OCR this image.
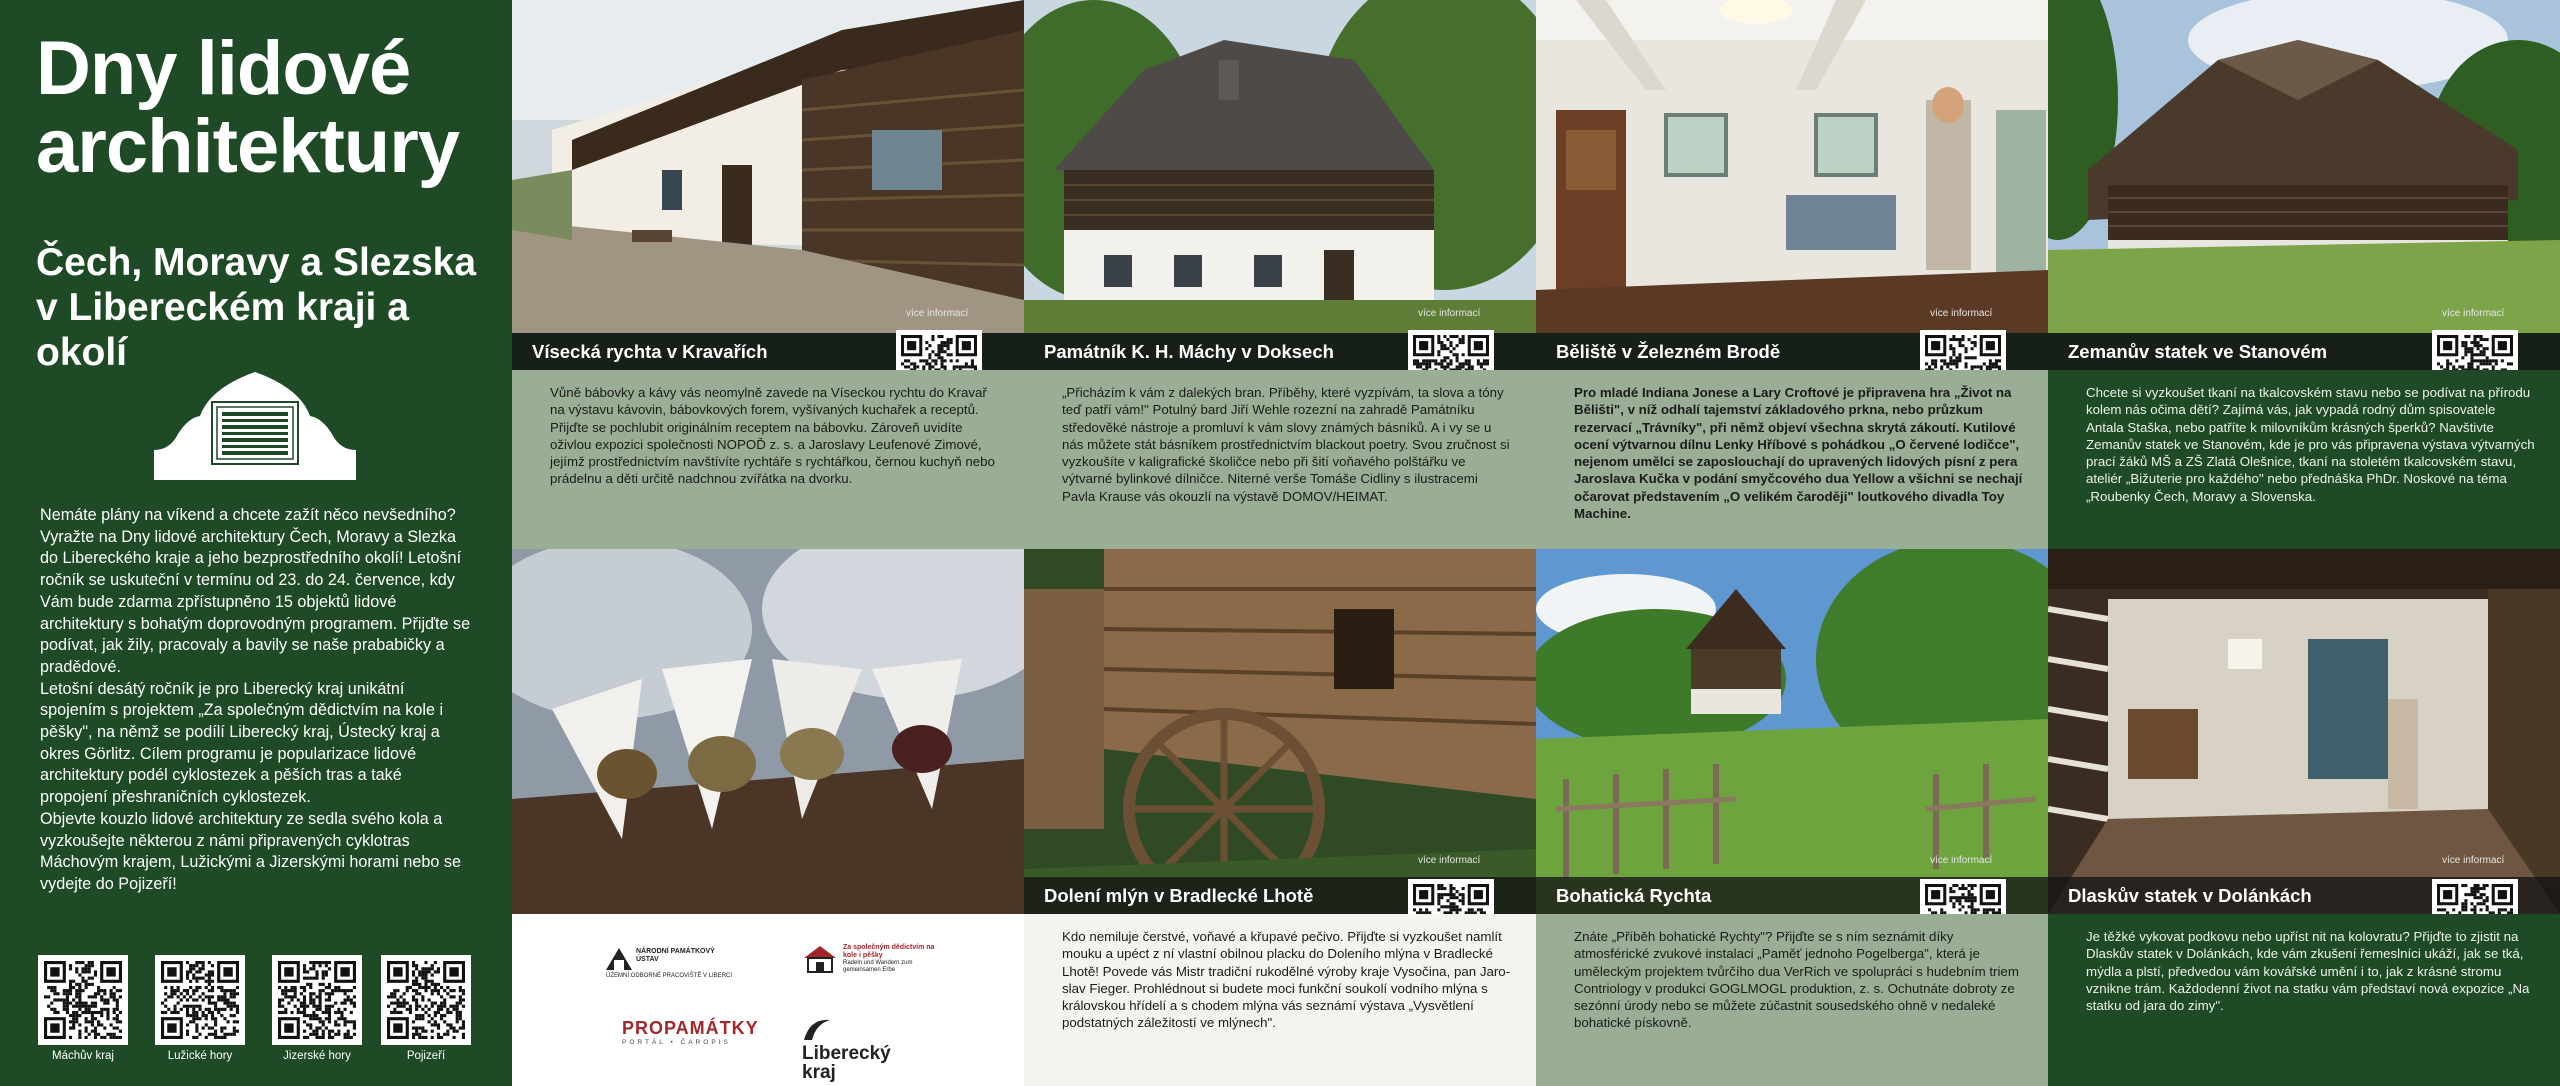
Dny lidové architektury
Čech, Moravy a Slezska v Libereckém kraji a okolí

Nemáte plány na víkend a chcete zažít něco nevšedního? Vyražte na Dny lidové architektury Čech, Moravy a Slezka do Libereckého kraje a jeho bezprostředního okolí! Letošní ročník se uskuteční v termínu od 23. do 24. července, kdy Vám bude zdarma zpřístupněno 15 objektů lidové architektury s bohatým doprovodným programem. Přijďte se podívat, jak žily, pracovaly a bavily se naše prababičky a pradědové.

Letošní desátý ročník je pro Liberecký kraj unikátní spojením s projektem „Za společným dědictvím na kole i pěšky", na němž se podílí Liberecký kraj, Ústecký kraj a okres Görlitz. Cílem programu je popularizace lidové architektury podél cyklostezek a pěších tras a také propojení přeshraničních cyklostezek.

Objevte kouzlo lidové architektury ze sedla svého kola a vyzkoušejte některou z námi připravených cyklotras Máchovým krajem, Lužickými a Jizerskými horami nebo se vydejte do Pojizeří!

Máchův kraj	Lužické hory	Jizerské hory	Pojizeří
Vísecká rychta v Kravařích
více informací
Vůně bábovky a kávy vás neomylně zavede na Víseckou rychtu do Kravař na výstavu kávovin, bábovkových forem, vyšívaných kuchařek a receptů. Přijďte se pochlubit originálním receptem na bábovku. Zároveň uvidíte oživlou expozici společnosti NOPOĎ z. s. a Jaroslavy Leufenové Zimové, jejímž prostřednictvím navštívíte rychtáře s rychtářkou, černou kuchyň nebo prádelnu a děti určitě nadchnou zvířátka na dvorku.
Památník K. H. Máchy v Doksech
více informací
„Přicházím k vám z dalekých bran. Příběhy, které vyzpívám, ta slova a tóny teď patří vám!" Potulný bard Jiří Wehle rozezní na zahradě Památníku středověké nástroje a promluví k vám slovy známých básníků. A i vy se u nás můžete stát básníkem prostřednictvím blackout poetry. Svou zručnost si vyzkoušíte v kaligrafické školičce nebo při šití voňavého polštářku ve výtvarné bylinkové dílničce. Niterné verše Tomáše Cidliny s ilustracemi Pavla Krause vás okouzlí na výstavě DOMOV/HEIMAT.
Běliště v Železném Brodě
více informací
Pro mladé Indiana Jonese a Lary Croftové je připravena hra „Život na Bělišti", v níž odhalí tajemství základového prkna, nebo průzkum rezervací „Trávníky", při němž objeví všechna skrytá zákoutí. Kutilové ocení výtvarnou dílnu Lenky Hříbové s pohádkou „O červené lodičce", nejenom umělci se zaposlouchají do upravených lidových písní z pera Jaroslava Kučka v podání smyčcového dua Yellow a všichni se nechají očarovat představením „O velikém čaroději" loutkového divadla Toy Machine.
Zemanův statek ve Stanovém
více informací
Chcete si vyzkoušet tkaní na tkalcovském stavu nebo se podívat na přírodu kolem nás očima dětí? Zajímá vás, jak vypadá rodný dům spisovatele Antala Staška, nebo patříte k milovníkům krásných šperků? Navštivte Zemanův statek ve Stanovém, kde je pro vás připravena výstava výtvarných prací žáků MŠ a ZŠ Zlatá Olešnice, tkaní na stoletém tkalcovském stavu, ateliér „Bižuterie pro každého" nebo přednáška PhDr. Noskové na téma „Roubenky Čech, Moravy a Slovenska.
Dolení mlýn v Bradlecké Lhotě
více informací
Kdo nemiluje čerstvé, voňavé a křupavé pečivo. Přijďte si vyzkoušet namlít mouku a upéct z ní vlastní obilnou placku do Doleního mlýna v Bradlecké Lhotě! Povede vás Mistr tradiční rukodělné výroby kraje Vysočina, pan Jaroslav Fieger. Prohlédnout si budete moci funkční soukolí vodního mlýna s královskou hřídelí a s chodem mlýna vás seznámí výstava „Vysvětlení podstatných záležitostí ve mlýnech".
Bohatická Rychta
více informací
Znáte „Příběh bohatické Rychty"? Přijďte se s ním seznámit díky atmosférické zvukové instalaci „Paměť jednoho Pogelberga", která je uměleckým projektem tvůrčího dua VerRich ve spolupráci s hudebním triem Contriology v produkci GOGLMOGL produktion, z. s. Ochutnáte dobroty ze sezónní úrody nebo se můžete zúčastnit sousedského ohně v nedaleké bohatické pískovně.
Dlaskův statek v Dolánkách
více informací
Je těžké vykovat podkovu nebo upříst nit na kolovratu? Přijďte to zjistit na Dlaskův statek v Dolánkách, kde vám zkušení řemeslníci ukáží, jak se tká, mýdla a plstí, předvedou vám kovářské umění i to, jak z krásné stromu vznikne trám. Každodenní život na statku vám představí nová expozice „Na statku od jara do zimy".
NÁRODNÍ PAMÁTKOVÝ ÚSTAV
ÚZEMNÍ ODBORNÉ PRACOVIŠTĚ V LIBERCI
Za společným dědictvím na kole i pěšky
Radeln und Wandern zum gemeinsamen Erbe
PROPAMÁTKY
PORTÁL • ČAROPIS
Liberecký kraj
